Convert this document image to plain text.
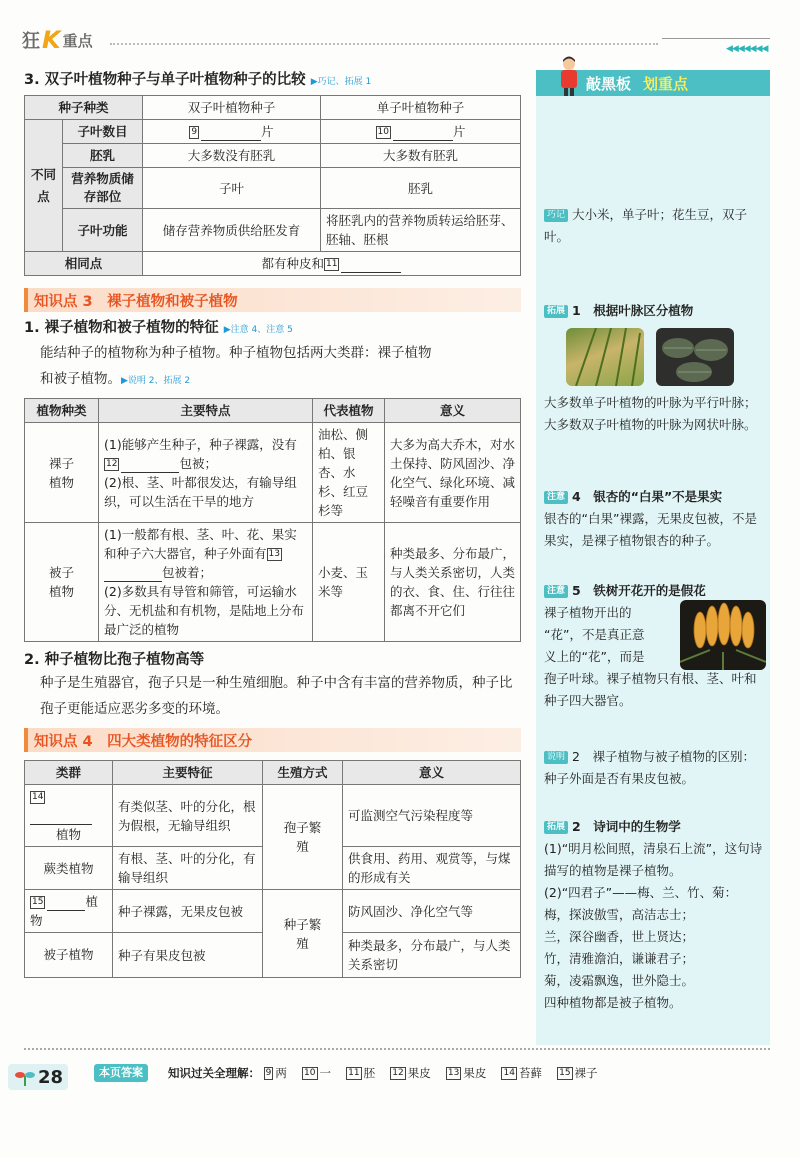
狂 K 重点	◀◀◀◀◀◀◀
3. 双子叶植物种子与单子叶植物种子的比较 ▶巧记、拓展 1
种子种类		双子叶植物种子	单子叶植物种子
不同点	子叶数目	9 片	10 片
	胚乳	大多数没有胚乳	大多数有胚乳
	营养物质储存部位	子叶	胚乳
	子叶功能	储存营养物质供给胚发育	将胚乳内的营养物质转运给胚芽、胚轴、胚根
相同点		都有种皮和 11	
知识点 3　裸子植物和被子植物
1. 裸子植物和被子植物的特征 ▶注意 4、注意 5
能结种子的植物称为种子植物。种子植物包括两大类群：裸子植物
和被子植物。▶说明 2、拓展 2
植物种类	主要特点	代表植物	意义
裸子植物	(1)能够产生种子，种子裸露，没有12 包被；
(2)根、茎、叶都很发达，有输导组织，可以生活在干旱的地方	油松、侧柏、银杏、水杉、红豆杉等	大多为高大乔木，对水土保持、防风固沙、净化空气、绿化环境、减轻噪音有重要作用
被子植物	(1)一般都有根、茎、叶、花、果实和种子六大器官，种子外面有 13包被着；
(2)多数具有导管和筛管，可运输水分、无机盐和有机物，是陆地上分布最广泛的植物	小麦、玉米等	种类最多、分布最广，与人类关系密切，人类的衣、食、住、行往往都离不开它们
2. 种子植物比孢子植物高等
种子是生殖器官，孢子只是一种生殖细胞。种子中含有丰富的营养物质，种子比孢子更能适应恶劣多变的环境。
知识点 4　四大类植物的特征区分
类群	主要特征	生殖方式	意义

14
植物	有类似茎、叶的分化，根为假根，无输导组织	孢子繁殖	可监测空气污染程度等
蕨类植物	有根、茎、叶的分化，有输导组织		供食用、药用、观赏等，与煤的形成有关
15 植物	种子裸露，无果皮包被	种子繁殖	防风固沙、净化空气等
被子植物	种子有果皮包被		种类最多，分布最广，与人类关系密切
敲黑板 划重点
巧记 大小米，单子叶；花生豆，双子叶。
拓展 1　 根据叶脉区分植物
大多数单子叶植物的叶脉为平行叶脉；大多数双子叶植物的叶脉为网状叶脉。
注意 4　 银杏的“白果”不是果实
银杏的“白果”裸露，无果皮包被，不是果实，是裸子植物银杏的种子。
注意 5　 铁树开花开的是假花
裸子植物开出的
“花”，不是真正意
义上的“花”，而是
孢子叶球。裸子植物只有根、茎、叶和种子四大器官。
说明 2　 裸子植物与被子植物的区别：种子外面是否有果皮包被。
拓展 2　 诗词中的生物学
(1)“明月松间照，清泉石上流”，这句诗描写的植物是裸子植物。
(2)“四君子”——梅、兰、竹、菊：
梅，探波傲雪，高洁志士；
兰，深谷幽香，世上贤达；
竹，清雅澹泊，谦谦君子；
菊，凌霜飘逸，世外隐士。
四种植物都是被子植物。
28	本页答案	知识过关全理解： 9 两　 10 一　 11 胚　 12 果皮　 13 果皮　 14 苔藓　 15 裸子
